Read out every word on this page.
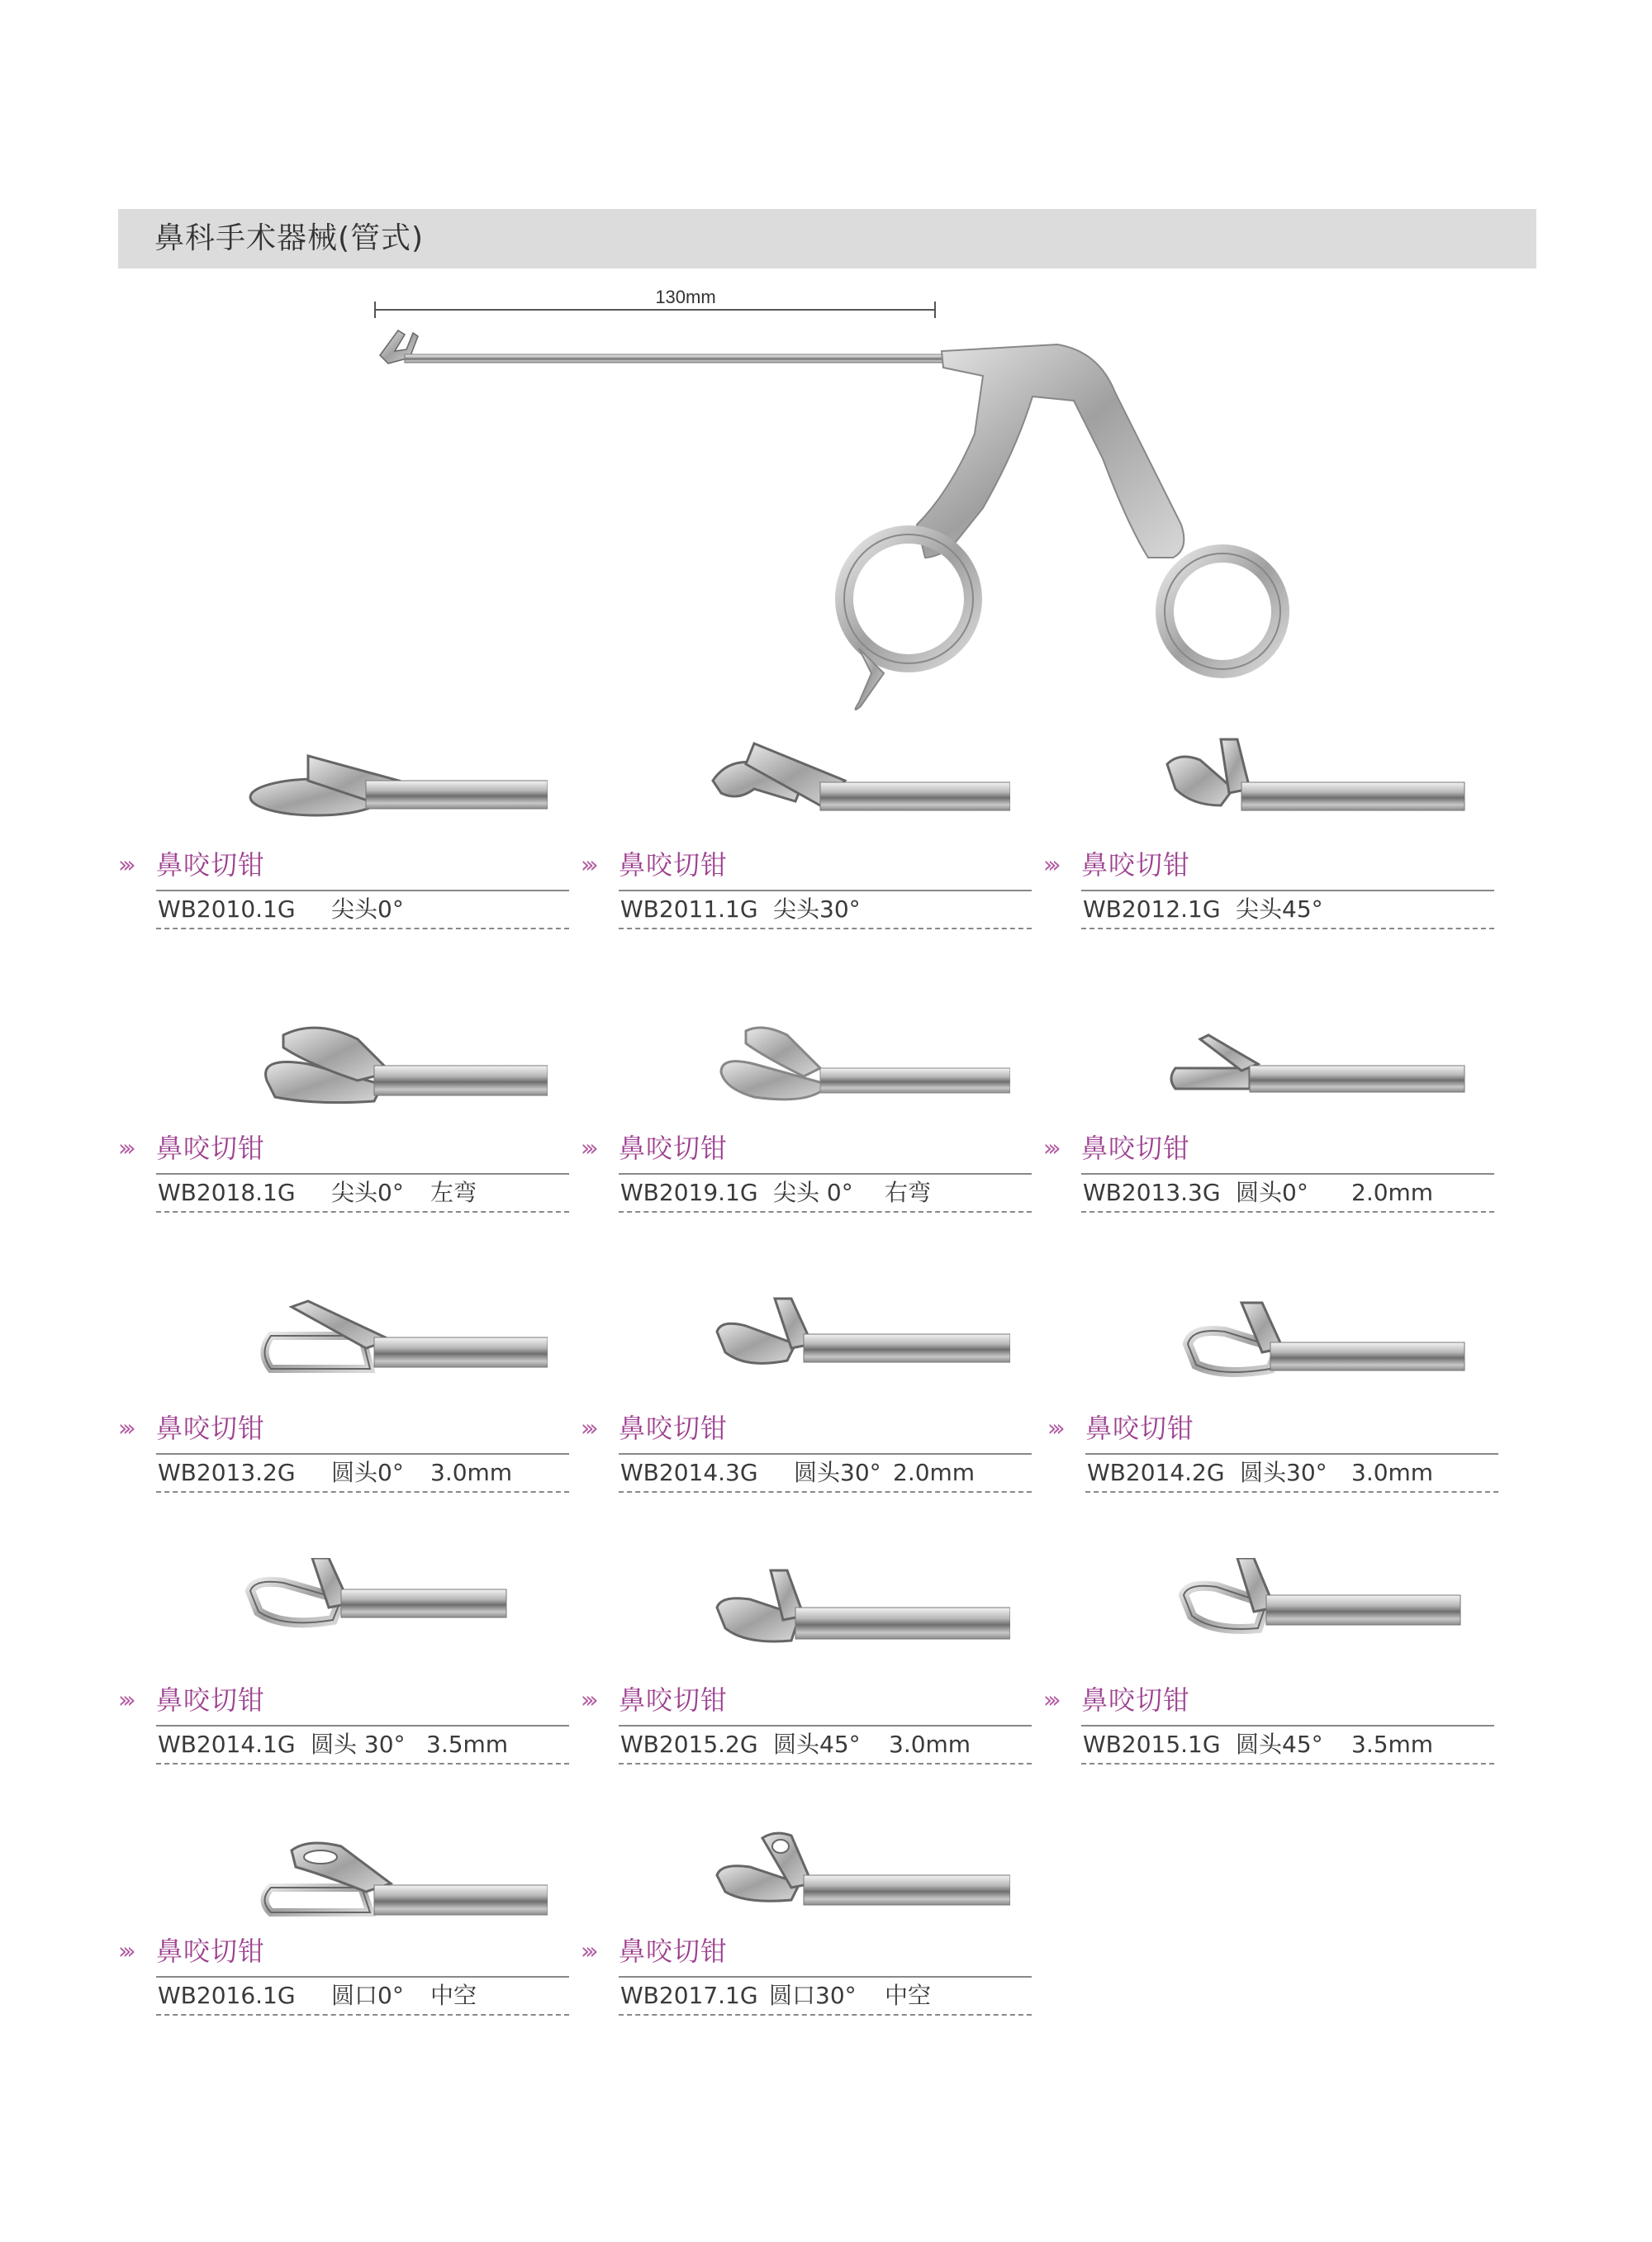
鼻科手术器械(管式)
130mm
››› 鼻咬切钳
WB2010.1G 尖头0°
››› 鼻咬切钳
WB2011.1G 尖头30°
››› 鼻咬切钳
WB2012.1G 尖头45°
››› 鼻咬切钳
WB2018.1G 尖头0° 左弯
››› 鼻咬切钳
WB2019.1G 尖头 0° 右弯
››› 鼻咬切钳
WB2013.3G 圆头0° 2.0mm
››› 鼻咬切钳
WB2013.2G 圆头0° 3.0mm
››› 鼻咬切钳
WB2014.3G 圆头30° 2.0mm
››› 鼻咬切钳
WB2014.2G 圆头30° 3.0mm
››› 鼻咬切钳
WB2014.1G 圆头 30° 3.5mm
››› 鼻咬切钳
WB2015.2G 圆头45° 3.0mm
››› 鼻咬切钳
WB2015.1G 圆头45° 3.5mm
››› 鼻咬切钳
WB2016.1G 圆口0° 中空
››› 鼻咬切钳
WB2017.1G 圆口30° 中空
